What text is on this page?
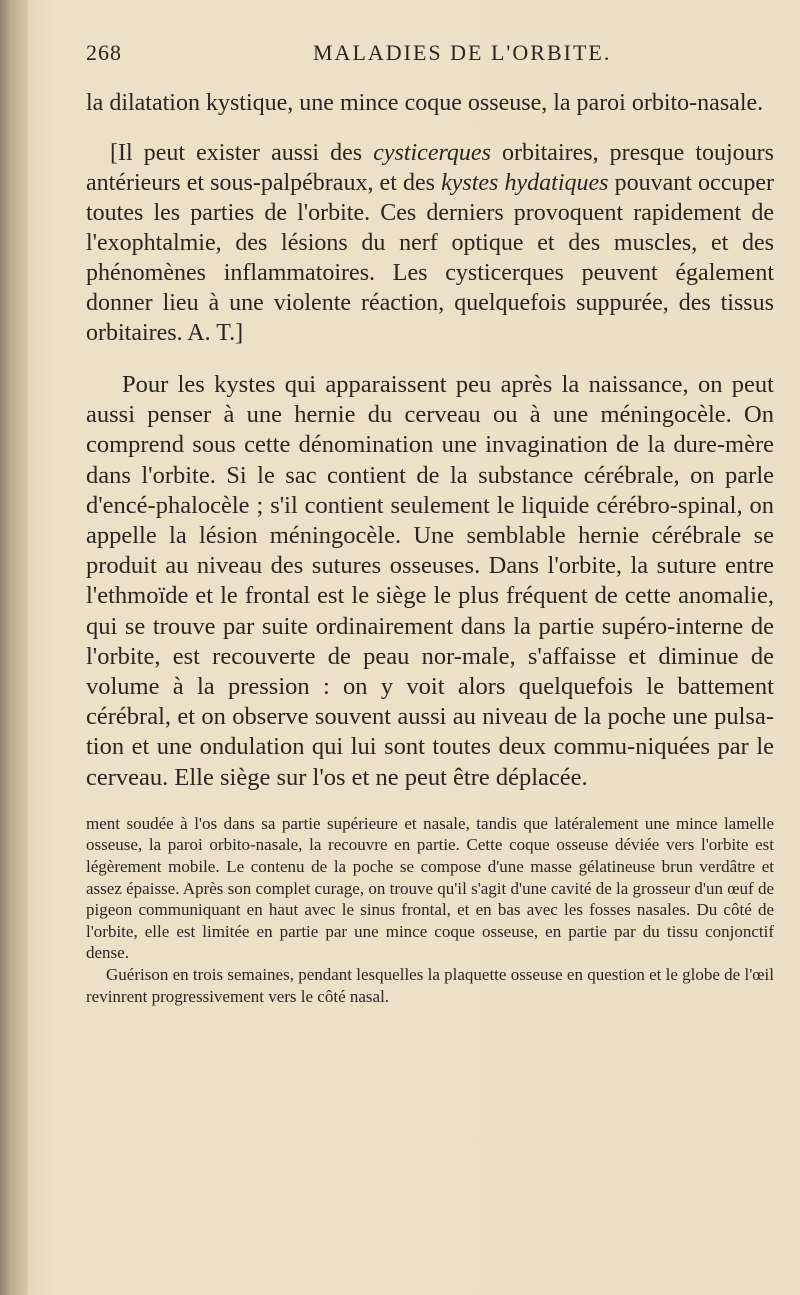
268	MALADIES DE L'ORBITE.

la dilatation kystique, une mince coque osseuse, la paroi orbito-nasale.

[Il peut exister aussi des cysticerques orbitaires, presque toujours antérieurs et sous-palpébraux, et des kystes hydatiques pouvant occuper toutes les parties de l'orbite. Ces derniers provoquent rapidement de l'exophtalmie, des lésions du nerf optique et des muscles, et des phénomènes inflammatoires. Les cysticerques peuvent également donner lieu à une violente réaction, quelquefois suppurée, des tissus orbitaires. A. T.]

Pour les kystes qui apparaissent peu après la naissance, on peut aussi penser à une hernie du cerveau ou à une méningocèle. On comprend sous cette dénomination une invagination de la dure-mère dans l'orbite. Si le sac contient de la substance cérébrale, on parle d'encé-phalocèle ; s'il contient seulement le liquide cérébro-spinal, on appelle la lésion méningocèle. Une semblable hernie cérébrale se produit au niveau des sutures osseuses. Dans l'orbite, la suture entre l'ethmoïde et le frontal est le siège le plus fréquent de cette anomalie, qui se trouve par suite ordinairement dans la partie supéro-interne de l'orbite, est recouverte de peau nor-male, s'affaisse et diminue de volume à la pression : on y voit alors quelquefois le battement cérébral, et on observe souvent aussi au niveau de la poche une pulsa-tion et une ondulation qui lui sont toutes deux commu-niquées par le cerveau. Elle siège sur l'os et ne peut être déplacée.

ment soudée à l'os dans sa partie supérieure et nasale, tandis que latéralement une mince lamelle osseuse, la paroi orbito-nasale, la recouvre en partie. Cette coque osseuse déviée vers l'orbite est légèrement mobile. Le contenu de la poche se compose d'une masse gélatineuse brun verdâtre et assez épaisse. Après son complet curage, on trouve qu'il s'agit d'une cavité de la grosseur d'un œuf de pigeon communiquant en haut avec le sinus frontal, et en bas avec les fosses nasales. Du côté de l'orbite, elle est limitée en partie par une mince coque osseuse, en partie par du tissu conjonctif dense.

Guérison en trois semaines, pendant lesquelles la plaquette osseuse en question et le globe de l'œil revinrent progressivement vers le côté nasal.
